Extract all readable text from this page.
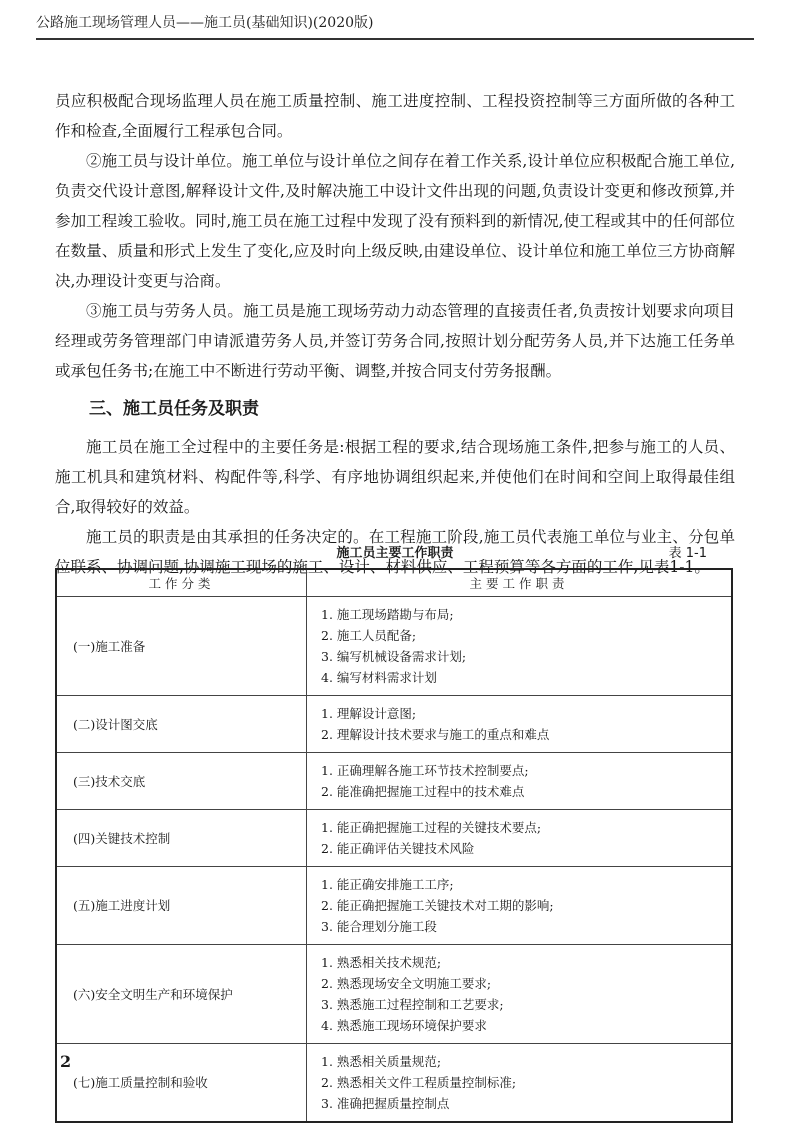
公路施工现场管理人员——施工员(基础知识)(2020版)

员应积极配合现场监理人员在施工质量控制、施工进度控制、工程投资控制等三方面所做的各种工作和检查,全面履行工程承包合同。

②施工员与设计单位。施工单位与设计单位之间存在着工作关系,设计单位应积极配合施工单位,负责交代设计意图,解释设计文件,及时解决施工中设计文件出现的问题,负责设计变更和修改预算,并参加工程竣工验收。同时,施工员在施工过程中发现了没有预料到的新情况,使工程或其中的任何部位在数量、质量和形式上发生了变化,应及时向上级反映,由建设单位、设计单位和施工单位三方协商解决,办理设计变更与洽商。

③施工员与劳务人员。施工员是施工现场劳动力动态管理的直接责任者,负责按计划要求向项目经理或劳务管理部门申请派遣劳务人员,并签订劳务合同,按照计划分配劳务人员,并下达施工任务单或承包任务书;在施工中不断进行劳动平衡、调整,并按合同支付劳务报酬。

三、施工员任务及职责

施工员在施工全过程中的主要任务是:根据工程的要求,结合现场施工条件,把参与施工的人员、施工机具和建筑材料、构配件等,科学、有序地协调组织起来,并使他们在时间和空间上取得最佳组合,取得较好的效益。

施工员的职责是由其承担的任务决定的。在工程施工阶段,施工员代表施工单位与业主、分包单位联系、协调问题,协调施工现场的施工、设计、材料供应、工程预算等各方面的工作,见表1-1。

施工员主要工作职责	表 1-1
工作分类	主要工作职责
(一)施工准备	1. 施工现场踏勘与布局;
2. 施工人员配备;
3. 编写机械设备需求计划;
4. 编写材料需求计划

(二)设计图交底	1. 理解设计意图;
2. 理解设计技术要求与施工的重点和难点

(三)技术交底	1. 正确理解各施工环节技术控制要点;
2. 能准确把握施工过程中的技术难点

(四)关键技术控制	1. 能正确把握施工过程的关键技术要点;
2. 能正确评估关键技术风险

(五)施工进度计划	1. 能正确安排施工工序;
2. 能正确把握施工关键技术对工期的影响;
3. 能合理划分施工段

(六)安全文明生产和环境保护	1. 熟悉相关技术规范;
2. 熟悉现场安全文明施工要求;
3. 熟悉施工过程控制和工艺要求;
4. 熟悉施工现场环境保护要求

(七)施工质量控制和验收	1. 熟悉相关质量规范;
2. 熟悉相关文件工程质量控制标准;
3. 准确把握质量控制点
2
